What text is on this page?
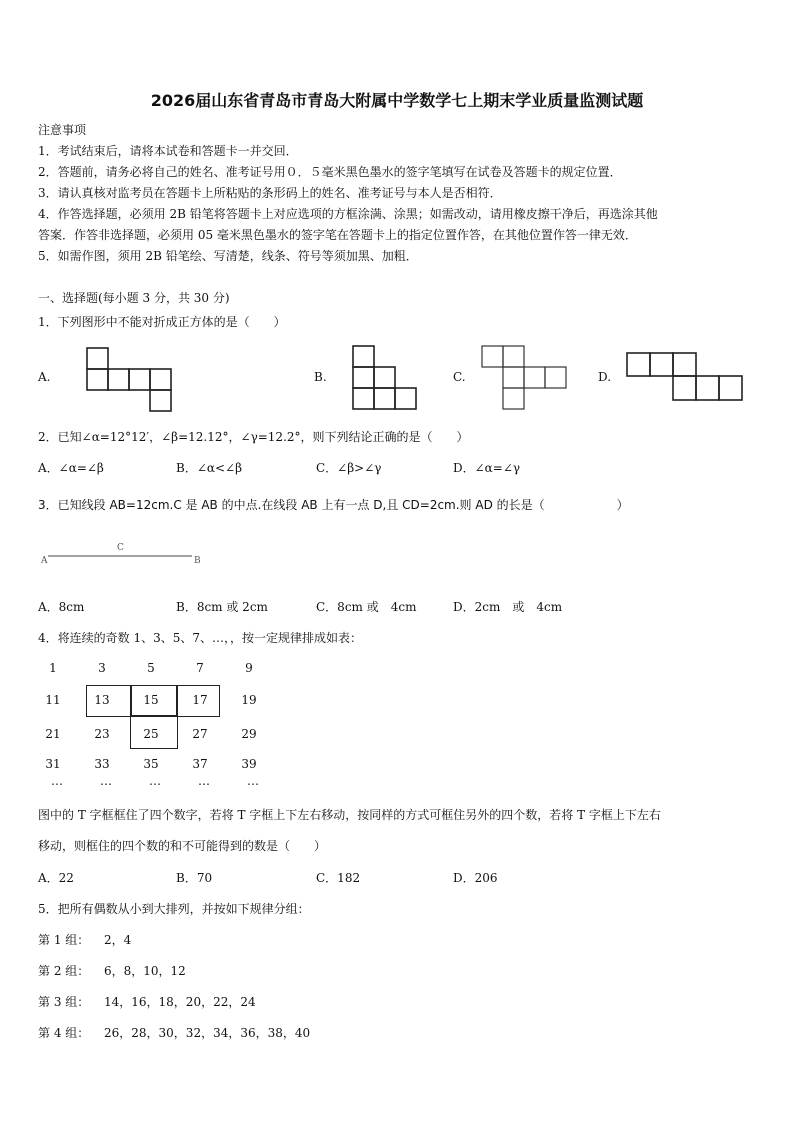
2026届山东省青岛市青岛大附属中学数学七上期末学业质量监测试题
注意事项
1．考试结束后，请将本试卷和答题卡一并交回．
2．答题前，请务必将自己的姓名、准考证号用０．５毫米黑色墨水的签字笔填写在试卷及答题卡的规定位置．
3．请认真核对监考员在答题卡上所粘贴的条形码上的姓名、准考证号与本人是否相符．
4．作答选择题，必须用 2B 铅笔将答题卡上对应选项的方框涂满、涂黑；如需改动，请用橡皮擦干净后，再选涂其他
答案．作答非选择题，必须用 05 毫米黑色墨水的签字笔在答题卡上的指定位置作答，在其他位置作答一律无效．
5．如需作图，须用 2B 铅笔绘、写清楚，线条、符号等须加黑、加粗．
一、选择题(每小题 3 分，共 30 分)
1．下列图形中不能对折成正方体的是（　　）
A.	B.	C.	D.
2．已知∠α=12°12′，∠β=12.12°，∠γ=12.2°，则下列结论正确的是（　　）
A．∠α=∠β	B．∠α<∠β	C．∠β>∠γ	D．∠α=∠γ
3．已知线段 AB=12cm.C 是 AB 的中点.在线段 AB 上有一点 D,且 CD=2cm.则 AD 的长是（　　　　　　）
A
C
B
A．8cm	B．8cm 或 2cm	C．8cm 或　4cm	D．2cm　或　4cm
4．将连续的奇数 1、3、5、7、…，，按一定规律排成如表：
1	3	5	7	9
11	13	15	17	19
21	23	25	27	29
31	33	35	37	39
…	…	…	…	…
图中的 T 字框框住了四个数字，若将 T 字框上下左右移动，按同样的方式可框住另外的四个数，若将 T 字框上下左右
移动，则框住的四个数的和不可能得到的数是（　　）
A．22	B．70	C．182	D．206
5．把所有偶数从小到大排列，并按如下规律分组：
第 1 组： 2，4
第 2 组： 6，8，10，12
第 3 组： 14，16，18，20，22，24
第 4 组： 26，28，30，32，34，36，38，40
